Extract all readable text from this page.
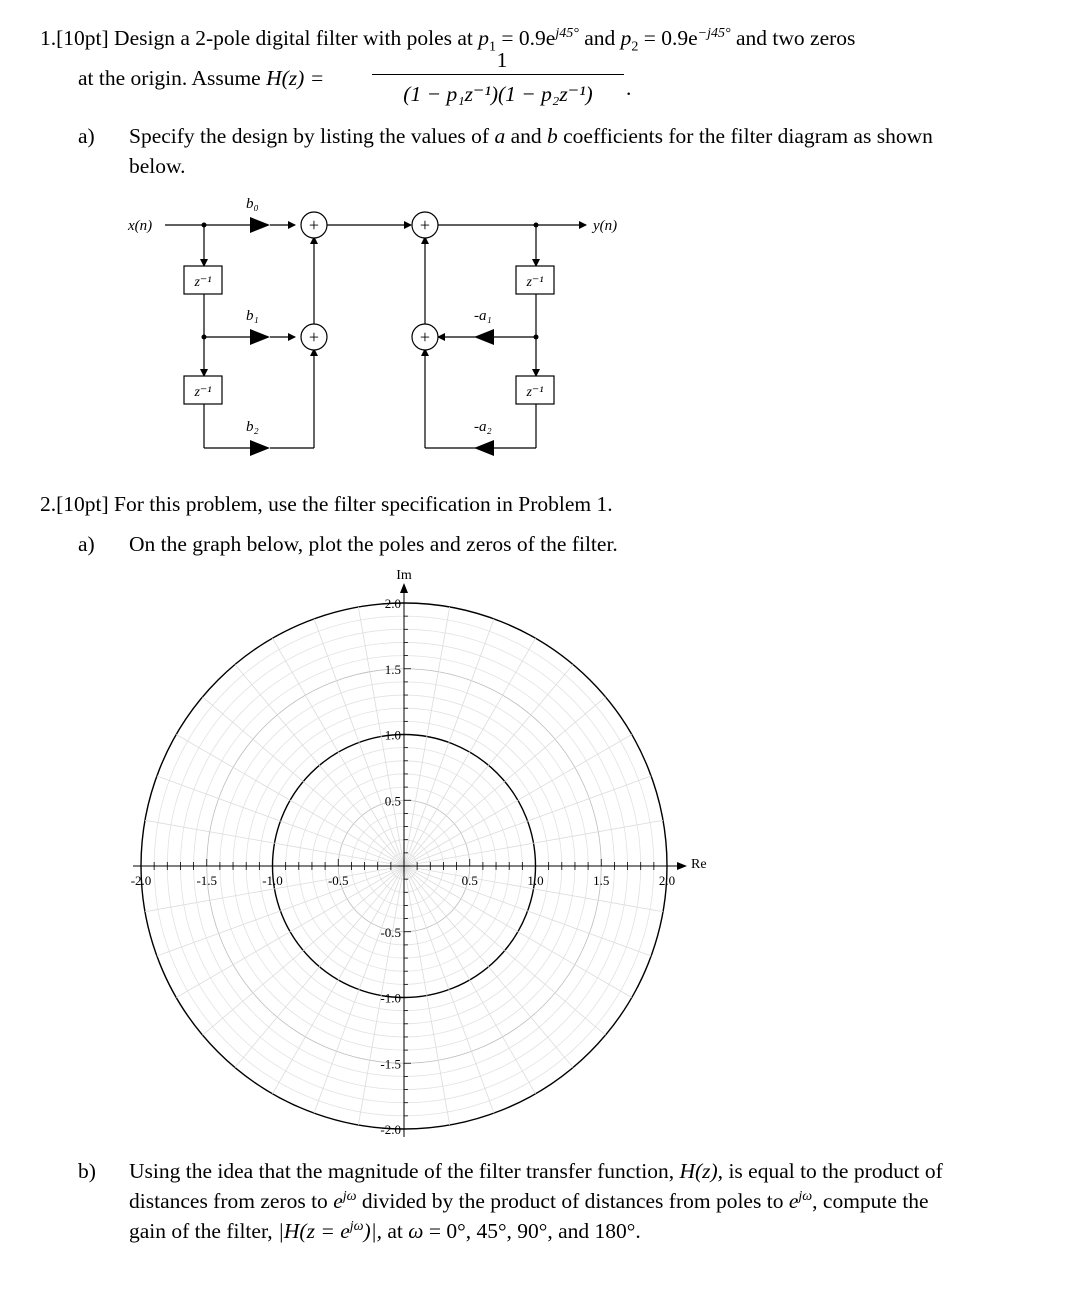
1.[10pt] Design a 2-pole digital filter with poles at $p_1 = 0.9e^{j45^\circ}$ and $p_2 = 0.9e^{-j45^\circ}$ and two zeros
at the origin. Assume H(z) =
1
(1 − p₁z⁻¹)(1 − p₂z⁻¹)	.
a) Specify the design by listing the values of a and b coefficients for the filter diagram as shown
below.
+
+
+
+
z⁻¹
z⁻¹
z⁻¹
z⁻¹
x(n)	y(n)
b₀
b₁
b₂
-a₁
-a₂
2.[10pt] For this problem, use the filter specification in Problem 1.
a) On the graph below, plot the poles and zeros of the filter.
-2.0	-1.5	-1.0	-0.5	0.5	1.0	1.5	2.0
2.0
1.5
1.0
0.5
-0.5
-1.0
-1.5
-2.0
Im
Re
b) Using the idea that the magnitude of the filter transfer function, H(z), is equal to the product of
distances from zeros to $e^{j\omega}$ divided by the product of distances from poles to $e^{j\omega}$, compute the
gain of the filter, $|H(z = e^{j\omega})|$, at ω = 0°, 45°, 90°, and 180°.
